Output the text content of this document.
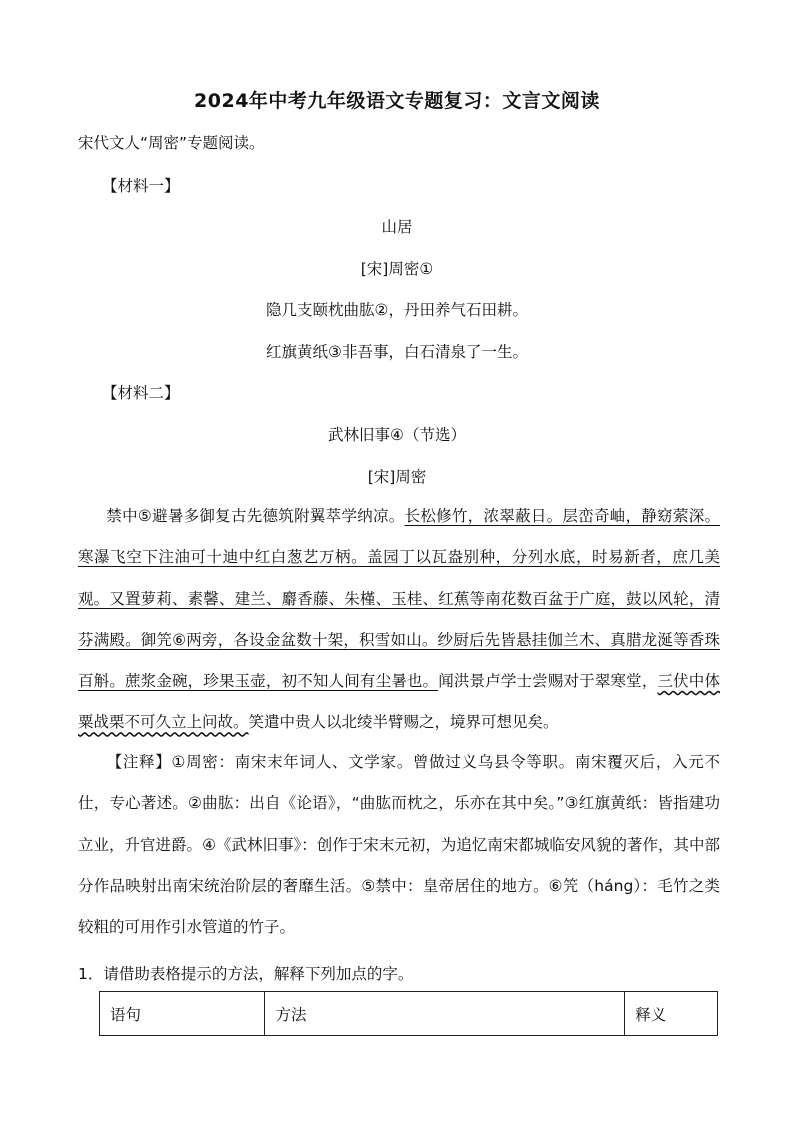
2024年中考九年级语文专题复习：文言文阅读
宋代文人“周密”专题阅读。
【材料一】
山居
[宋]周密①
隐几支颐枕曲肱②，丹田养气石田耕。
红旗黄纸③非吾事，白石清泉了一生。
【材料二】
武林旧事④（节选）
[宋]周密
禁中⑤避暑多御复古先德筑附翼萃学纳凉。长松修竹，浓翠蔽日。层峦奇岫，静窈萦深。寒瀑飞空下注油可十迪中红白葱艺万柄。盖园丁以瓦盎别种，分列水底，时易新者，庶几美观。又置萝莉、素馨、建兰、麝香藤、朱槿、玉桂、红蕉等南花数百盆于广庭，鼓以风轮，清芬满殿。御笐⑥两旁，各设金盆数十架，积雪如山。纱厨后先皆悬挂伽兰木、真腊龙涎等香珠百斛。蔗浆金碗，珍果玉壶，初不知人间有尘暑也。闻洪景卢学士尝赐对于翠寒堂，三伏中体粟战栗不可久立上问故。笑遣中贵人以北绫半臂赐之，境界可想见矣。
【注释】①周密：南宋末年词人、文学家。曾做过义乌县令等职。南宋覆灭后，入元不仕，专心著述。②曲肱：出自《论语》，“曲肱而枕之，乐亦在其中矣。”③红旗黄纸：皆指建功立业，升官进爵。④《武林旧事》：创作于宋末元初，为追忆南宋都城临安风貌的著作，其中部分作品映射出南宋统治阶层的奢靡生活。⑤禁中：皇帝居住的地方。⑥笐（háng）：毛竹之类较粗的可用作引水管道的竹子。
1．请借助表格提示的方法，解释下列加点的字。
语句	方法	释义
